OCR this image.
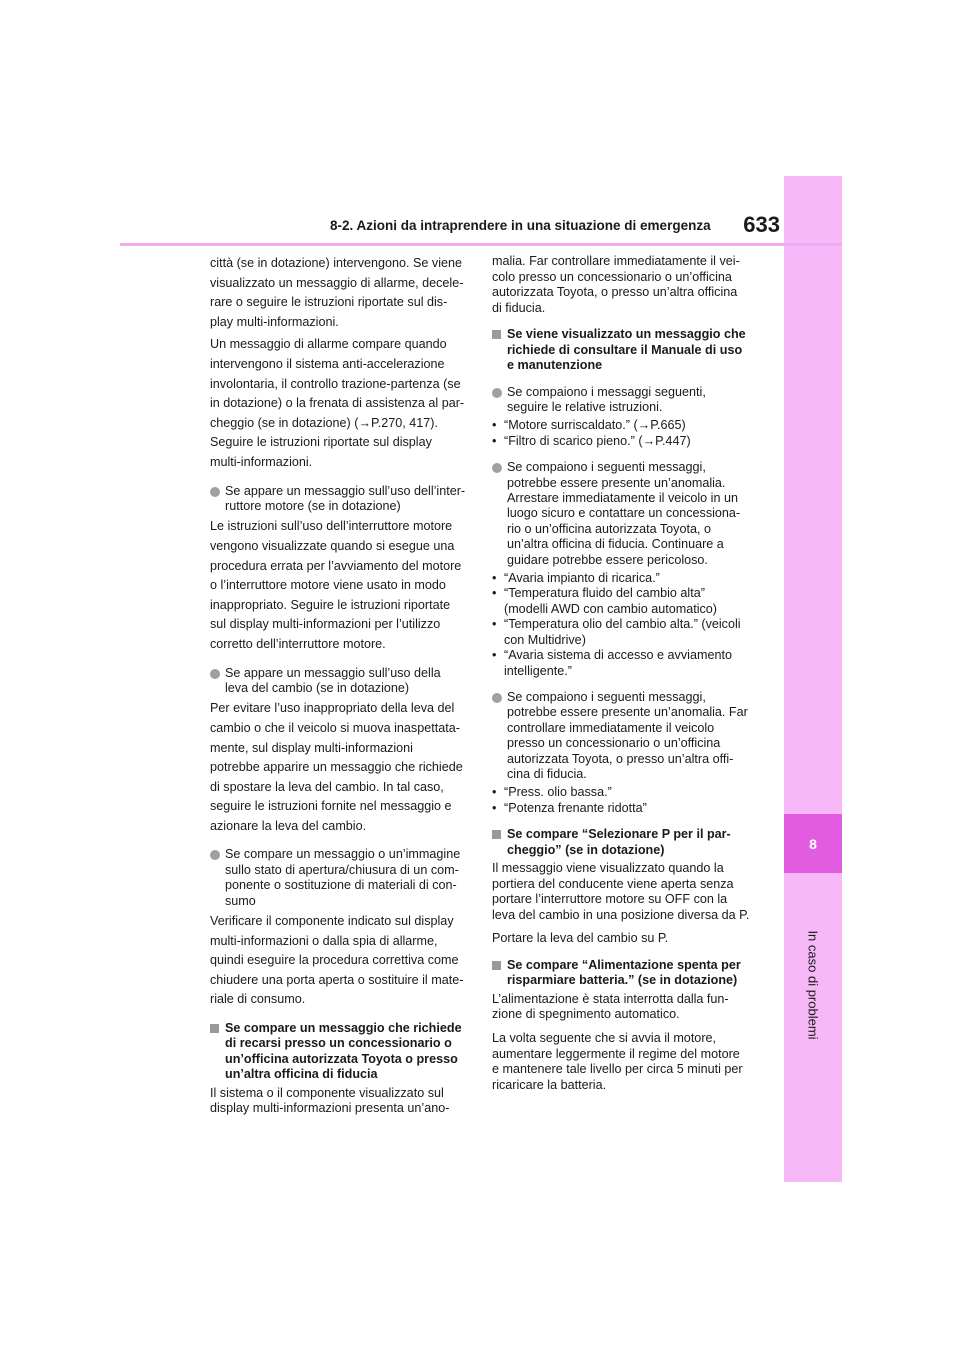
8
In caso di problemi
8-2. Azioni da intraprendere in una situazione di emergenza	633

città (se in dotazione) intervengono. Se viene visualizzato un messaggio di allarme, decele-rare o seguire le istruzioni riportate sul dis-play multi-informazioni.

Un messaggio di allarme compare quando intervengono il sistema anti-accelerazione involontaria, il controllo trazione-partenza (se in dotazione) o la frenata di assistenza al par-cheggio (se in dotazione) (→P.270, 417). Seguire le istruzioni riportate sul display multi-informazioni.

Se appare un messaggio sull’uso dell’inter-ruttore motore (se in dotazione)

Le istruzioni sull’uso dell’interruttore motore vengono visualizzate quando si esegue una procedura errata per l’avviamento del motore o l’interruttore motore viene usato in modo inappropriato. Seguire le istruzioni riportate sul display multi-informazioni per l’utilizzo corretto dell’interruttore motore.

Se appare un messaggio sull’uso della leva del cambio (se in dotazione)

Per evitare l’uso inappropriato della leva del cambio o che il veicolo si muova inaspettata-mente, sul display multi-informazioni potrebbe apparire un messaggio che richiede di spostare la leva del cambio. In tal caso, seguire le istruzioni fornite nel messaggio e azionare la leva del cambio.

Se compare un messaggio o un’immagine sullo stato di apertura/chiusura di un com-ponente o sostituzione di materiali di con-sumo

Verificare il componente indicato sul display multi-informazioni o dalla spia di allarme, quindi eseguire la procedura correttiva come chiudere una porta aperta o sostituire il mate-riale di consumo.

Se compare un messaggio che richiede di recarsi presso un concessionario o un’officina autorizzata Toyota o presso un’altra officina di fiducia

Il sistema o il componente visualizzato sul display multi-informazioni presenta un’ano-

malia. Far controllare immediatamente il vei-colo presso un concessionario o un’officina autorizzata Toyota, o presso un’altra officina di fiducia.

Se viene visualizzato un messaggio che richiede di consultare il Manuale di uso e manutenzione
Se compaiono i messaggi seguenti, seguire le relative istruzioni.
• “Motore surriscaldato.” (→P.665)
• “Filtro di scarico pieno.” (→P.447)
Se compaiono i seguenti messaggi, potrebbe essere presente un’anomalia. Arrestare immediatamente il veicolo in un luogo sicuro e contattare un concessiona-rio o un’officina autorizzata Toyota, o un’altra officina di fiducia. Continuare a guidare potrebbe essere pericoloso.
• “Avaria impianto di ricarica.”
• “Temperatura fluido del cambio alta” (modelli AWD con cambio automatico)
• “Temperatura olio del cambio alta.” (veicoli con Multidrive)
• “Avaria sistema di accesso e avviamento intelligente.”
Se compaiono i seguenti messaggi, potrebbe essere presente un’anomalia. Far controllare immediatamente il veicolo presso un concessionario o un’officina autorizzata Toyota, o presso un’altra offi-cina di fiducia.
• “Press. olio bassa.”
• “Potenza frenante ridotta”
Se compare “Selezionare P per il par-cheggio” (se in dotazione)

Il messaggio viene visualizzato quando la portiera del conducente viene aperta senza portare l’interruttore motore su OFF con la leva del cambio in una posizione diversa da P.

Portare la leva del cambio su P.

Se compare “Alimentazione spenta per risparmiare batteria.” (se in dotazione)

L’alimentazione è stata interrotta dalla fun-zione di spegnimento automatico.

La volta seguente che si avvia il motore, aumentare leggermente il regime del motore e mantenere tale livello per circa 5 minuti per ricaricare la batteria.
